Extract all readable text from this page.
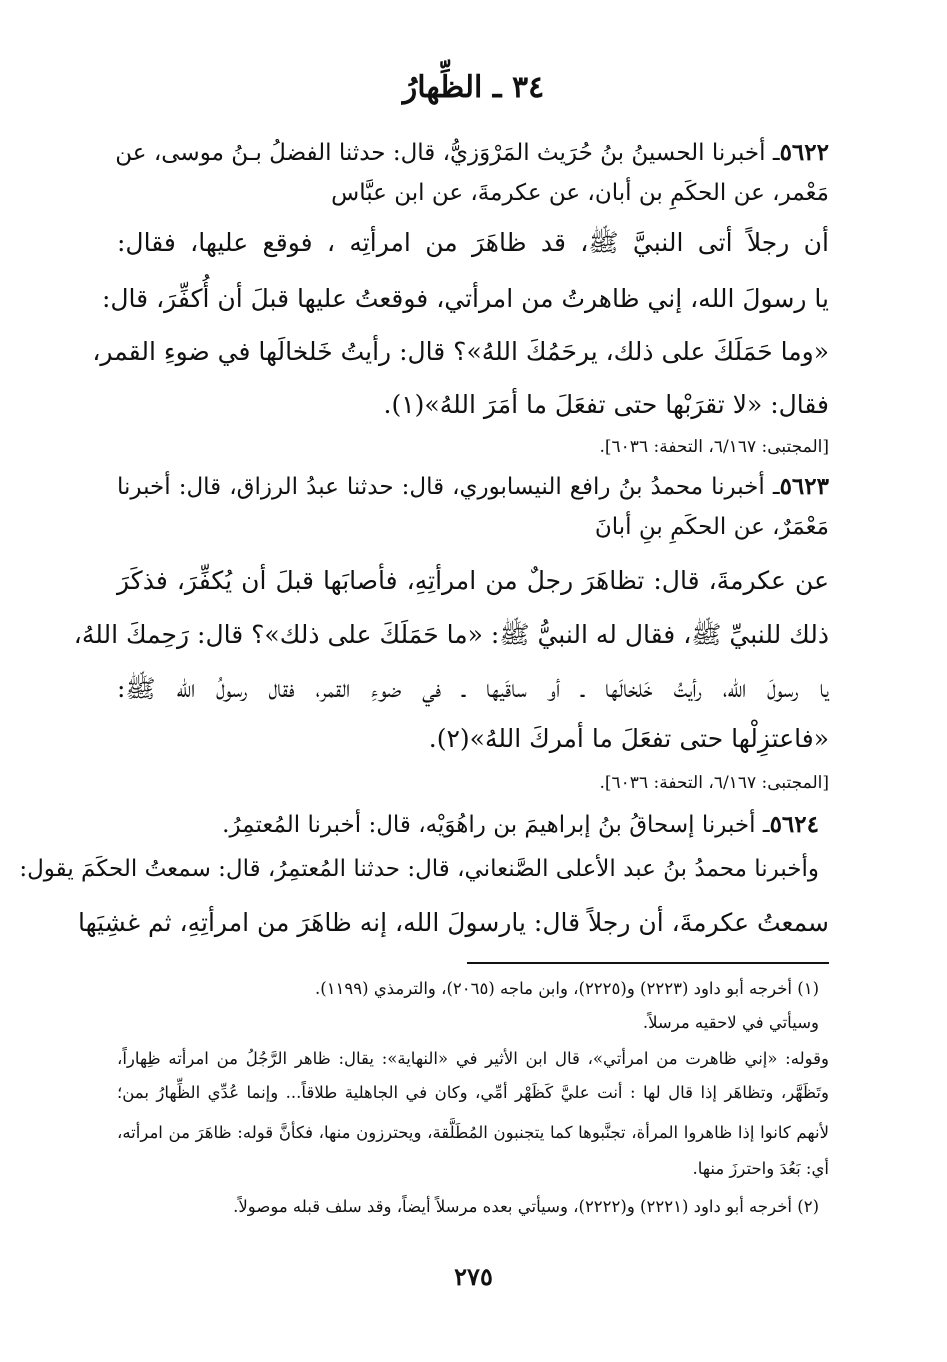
٣٤ ـ الظِّهارُ
٥٦٢٢ـ أخبرنا الحسينُ بنُ حُرَيث المَرْوَزيُّ، قال: حدثنا الفضلُ بـنُ موسى، عن
مَعْمر، عن الحكَمِ بن أبان، عن عكرمةَ، عن ابن عبَّاس
أن رجلاً أتى النبيَّ ﷺ، قد ظاهَرَ من امرأتِه ، فوقع عليها، فقال:
يا رسولَ الله، إني ظاهرتُ من امرأتي، فوقعتُ عليها قبلَ أن أُكفِّرَ، قال:
«وما حَمَلَكَ على ذلك، يرحَمُكَ اللهُ»؟ قال: رأيتُ خَلخالَها في ضوءِ القمر،
فقال: «لا تقرَبْها حتى تفعَلَ ما أمَرَ اللهُ»(١).
[المجتبى: ٦/١٦٧، التحفة: ٦٠٣٦].
٥٦٢٣ـ أخبرنا محمدُ بنُ رافع النيسابوري، قال: حدثنا عبدُ الرزاق، قال: أخبرنا
مَعْمَرٌ، عن الحكَمِ بنِ أبانَ
عن عكرمةَ، قال: تظاهَرَ رجلٌ من امرأتِهِ، فأصابَها قبلَ أن يُكفِّرَ، فذكَرَ
ذلك للنبيِّ ﷺ، فقال له النبيُّ ﷺ: «ما حَمَلَكَ على ذلك»؟ قال: رَحِمكَ اللهُ،
يا رسولَ الله، رأيتُ خَلخالَها ـ أو ساقَيها ـ في ضوءِ القمر، فقال رسولُ الله ﷺ:
«فاعتزِلْها حتى تفعَلَ ما أمركَ اللهُ»(٢).
[المجتبى: ٦/١٦٧، التحفة: ٦٠٣٦].
٥٦٢٤ـ أخبرنا إسحاقُ بنُ إبراهيمَ بن راهُوَيْه، قال: أخبرنا المُعتمِرُ.
وأخبرنا محمدُ بنُ عبد الأعلى الصَّنعاني، قال: حدثنا المُعتمِرُ، قال: سمعتُ الحكَمَ يقول:
سمعتُ عكرمةَ، أن رجلاً قال: يارسولَ الله، إنه ظاهَرَ من امرأتِهِ، ثم غشِيَها
(١) أخرجه أبو داود (٢٢٢٣) و(٢٢٢٥)، وابن ماجه (٢٠٦٥)، والترمذي (١١٩٩).
وسيأتي في لاحقيه مرسلاً.
وقوله: «إني ظاهرت من امرأتي»، قال ابن الأثير في «النهاية»: يقال: ظاهر الرَّجُلُ من امرأته ظِهاراً،
وتَظَهَّر، وتظاهَر إذا قال لها : أنت عليَّ كَظَهْر أمِّي، وكان في الجاهلية طلاقاً... وإنما عُدِّي الظِّهارُ بمن؛
لأنهم كانوا إذا ظاهروا المرأة، تجنَّبوها كما يتجنبون المُطَلَّقة، ويحترزون منها، فكأنَّ قوله: ظاهَرَ من امرأته،
أي: بَعُدَ واحترزَ منها.
(٢) أخرجه أبو داود (٢٢٢١) و(٢٢٢٢)، وسيأتي بعده مرسلاً أيضاً، وقد سلف قبله موصولاً.
٢٧٥
